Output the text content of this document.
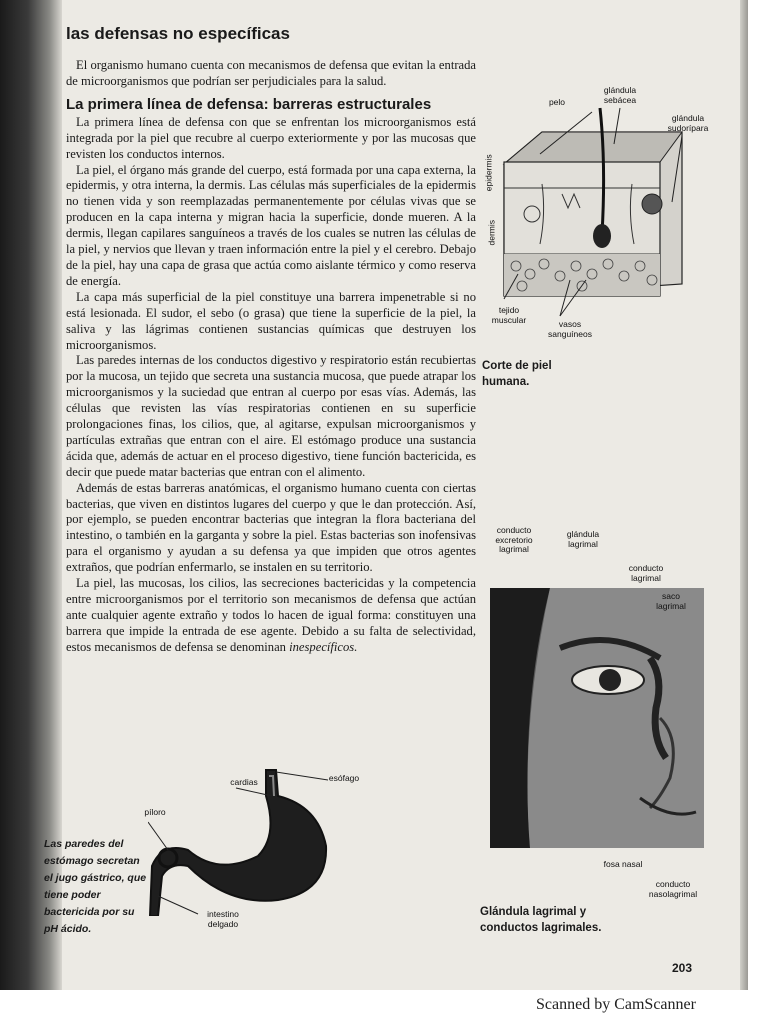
las defensas no específicas

El organismo humano cuenta con mecanismos de defensa que evitan la entrada de microorganismos que podrían ser perjudiciales para la salud.

La primera línea de defensa: barreras estructurales

La primera línea de defensa con que se enfrentan los microorganismos está integrada por la piel que recubre al cuerpo exteriormente y por las mucosas que revisten los conductos internos.

La piel, el órgano más grande del cuerpo, está formada por una capa externa, la epidermis, y otra interna, la dermis. Las células más superficiales de la epidermis no tienen vida y son reemplazadas permanentemente por células vivas que se producen en la capa interna y migran hacia la superficie, donde mueren. A la dermis, llegan capilares sanguíneos a través de los cuales se nutren las células de la piel, y nervios que llevan y traen información entre la piel y el cerebro. Debajo de la piel, hay una capa de grasa que actúa como aislante térmico y como reserva de energía.

La capa más superficial de la piel constituye una barrera impenetrable si no está lesionada. El sudor, el sebo (o grasa) que tiene la superficie de la piel, la saliva y las lágrimas contienen sustancias químicas que destruyen los microorganismos.

Las paredes internas de los conductos digestivo y respiratorio están recubiertas por la mucosa, un tejido que secreta una sustancia mucosa, que puede atrapar los microorganismos y la suciedad que entran al cuerpo por esas vías. Además, las células que revisten las vías respiratorias contienen en su superficie prolongaciones finas, los cilios, que, al agitarse, expulsan microorganismos y partículas extrañas que entran con el aire. El estómago produce una sustancia ácida que, además de actuar en el proceso digestivo, tiene función bactericida, es decir que puede matar bacterias que entran con el alimento.

Además de estas barreras anatómicas, el organismo humano cuenta con ciertas bacterias, que viven en distintos lugares del cuerpo y que le dan protección. Así, por ejemplo, se pueden encontrar bacterias que integran la flora bacteriana del intestino, o también en la garganta y sobre la piel. Estas bacterias son inofensivas para el organismo y ayudan a su defensa ya que impiden que otros agentes extraños, que podrían enfermarlo, se instalen en su territorio.

La piel, las mucosas, los cilios, las secreciones bactericidas y la competencia entre microorganismos por el territorio son mecanismos de defensa que actúan ante cualquier agente extraño y todos lo hacen de igual forma: constituyen una barrera que impide la entrada de ese agente. Debido a su falta de selectividad, estos mecanismos de defensa se denominan inespecíficos.

glándula sebácea
pelo
glándula sudorípara
epidermis
dermis
tejido muscular	vasos sanguíneos
Corte de piel humana.
conducto excretorio lagrimal
glándula lagrimal
conducto lagrimal
saco lagrimal
fosa nasal
conducto nasolagrimal
Glándula lagrimal y conductos lagrimales.
cardias	esófago
píloro
intestino delgado
Las paredes del estómago secretan el jugo gástrico, que tiene poder bactericida por su pH ácido.
203
Scanned by CamScanner
